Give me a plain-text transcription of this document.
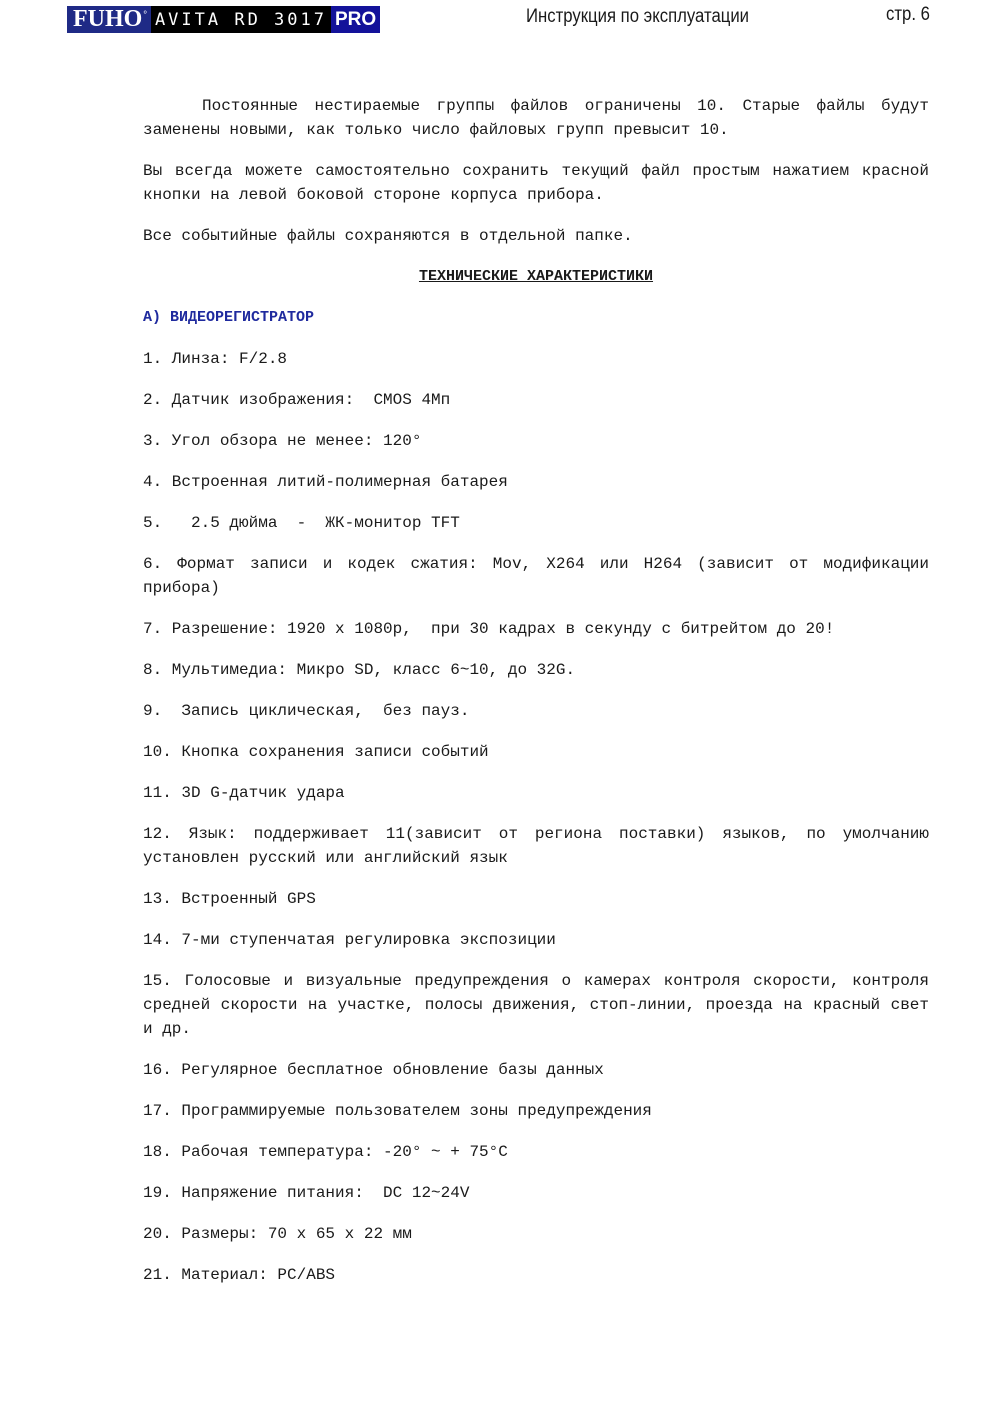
FUHO° AVITA RD 3017 PRO	Инструкция по эксплуатации	стр. 6

Постоянные нестираемые группы файлов ограничены 10. Старые файлы будут заменены новыми, как только число файловых групп превысит 10.

Вы всегда можете самостоятельно сохранить текущий файл простым нажатием красной кнопки на левой боковой стороне корпуса прибора.

Все событийные файлы сохраняются в отдельной папке.

ТЕХНИЧЕСКИЕ ХАРАКТЕРИСТИКИ
А) ВИДЕОРЕГИСТРАТОР

1. Линза: F/2.8

2. Датчик изображения:  CMOS 4Мп

3. Угол обзора не менее: 120°

4. Встроенная литий-полимерная батарея

5.   2.5 дюйма  -  ЖК-монитор TFT

6. Формат записи и кодек сжатия: Mov, X264 или H264 (зависит от модификации прибора)

7. Разрешение: 1920 x 1080р,  при 30 кадрах в секунду с битрейтом до 20!

8. Мультимедиа: Микро SD, класс 6~10, до 32G.

9.  Запись циклическая,  без пауз.

10. Кнопка сохранения записи событий

11. 3D G-датчик удара

12. Язык: поддерживает 11(зависит от региона поставки) языков, по умолчанию установлен русский или английский язык

13. Встроенный GPS

14. 7-ми ступенчатая регулировка экспозиции

15. Голосовые и визуальные предупреждения о камерах контроля скорости, контроля средней скорости на участке, полосы движения, стоп-линии, проезда на красный свет и др.

16. Регулярное бесплатное обновление базы данных

17. Программируемые пользователем зоны предупреждения

18. Рабочая температура: -20° ~ + 75°C

19. Напряжение питания:  DC 12~24V

20. Размеры: 70 x 65 x 22 мм

21. Материал: PC/ABS
